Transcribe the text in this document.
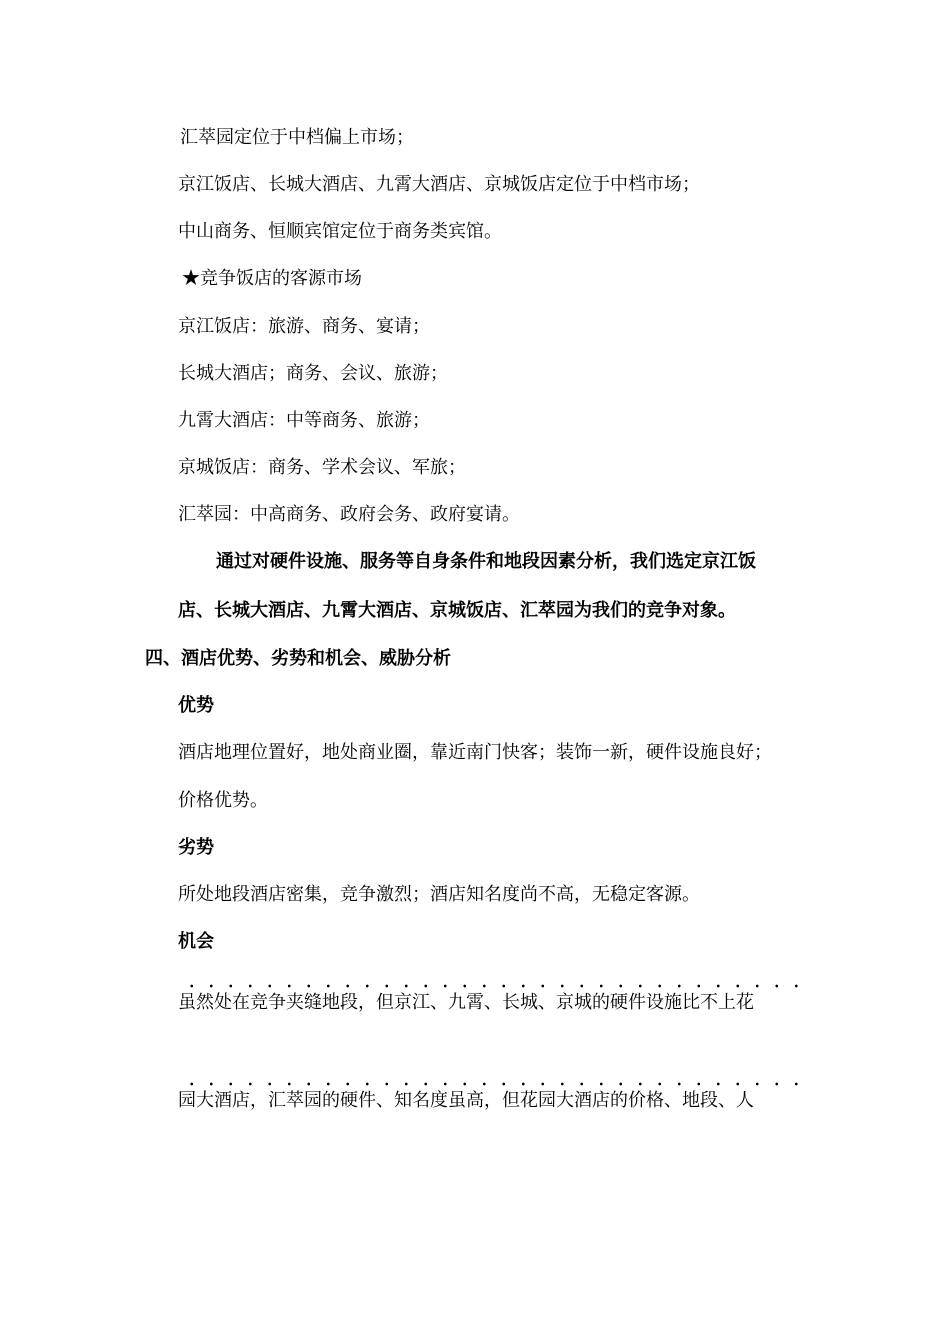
汇萃园定位于中档偏上市场；
京江饭店、长城大酒店、九霄大酒店、京城饭店定位于中档市场；
中山商务、恒顺宾馆定位于商务类宾馆。
★竞争饭店的客源市场
京江饭店：旅游、商务、宴请；
长城大酒店；商务、会议、旅游；
九霄大酒店：中等商务、旅游；
京城饭店：商务、学术会议、军旅；
汇萃园：中高商务、政府会务、政府宴请。
通过对硬件设施、服务等自身条件和地段因素分析，我们选定京江饭
店、长城大酒店、九霄大酒店、京城饭店、汇萃园为我们的竞争对象。
四、酒店优势、劣势和机会、威胁分析
优势
酒店地理位置好，地处商业圈，靠近南门快客；装饰一新，硬件设施良好；
价格优势。
劣势
所处地段酒店密集，竞争激烈；酒店知名度尚不高，无稳定客源。
机会
虽然处在竞争夹缝地段，但京江、九霄、长城、京城的硬件设施比不上花
园大酒店，汇萃园的硬件、知名度虽高，但花园大酒店的价格、地段、人
